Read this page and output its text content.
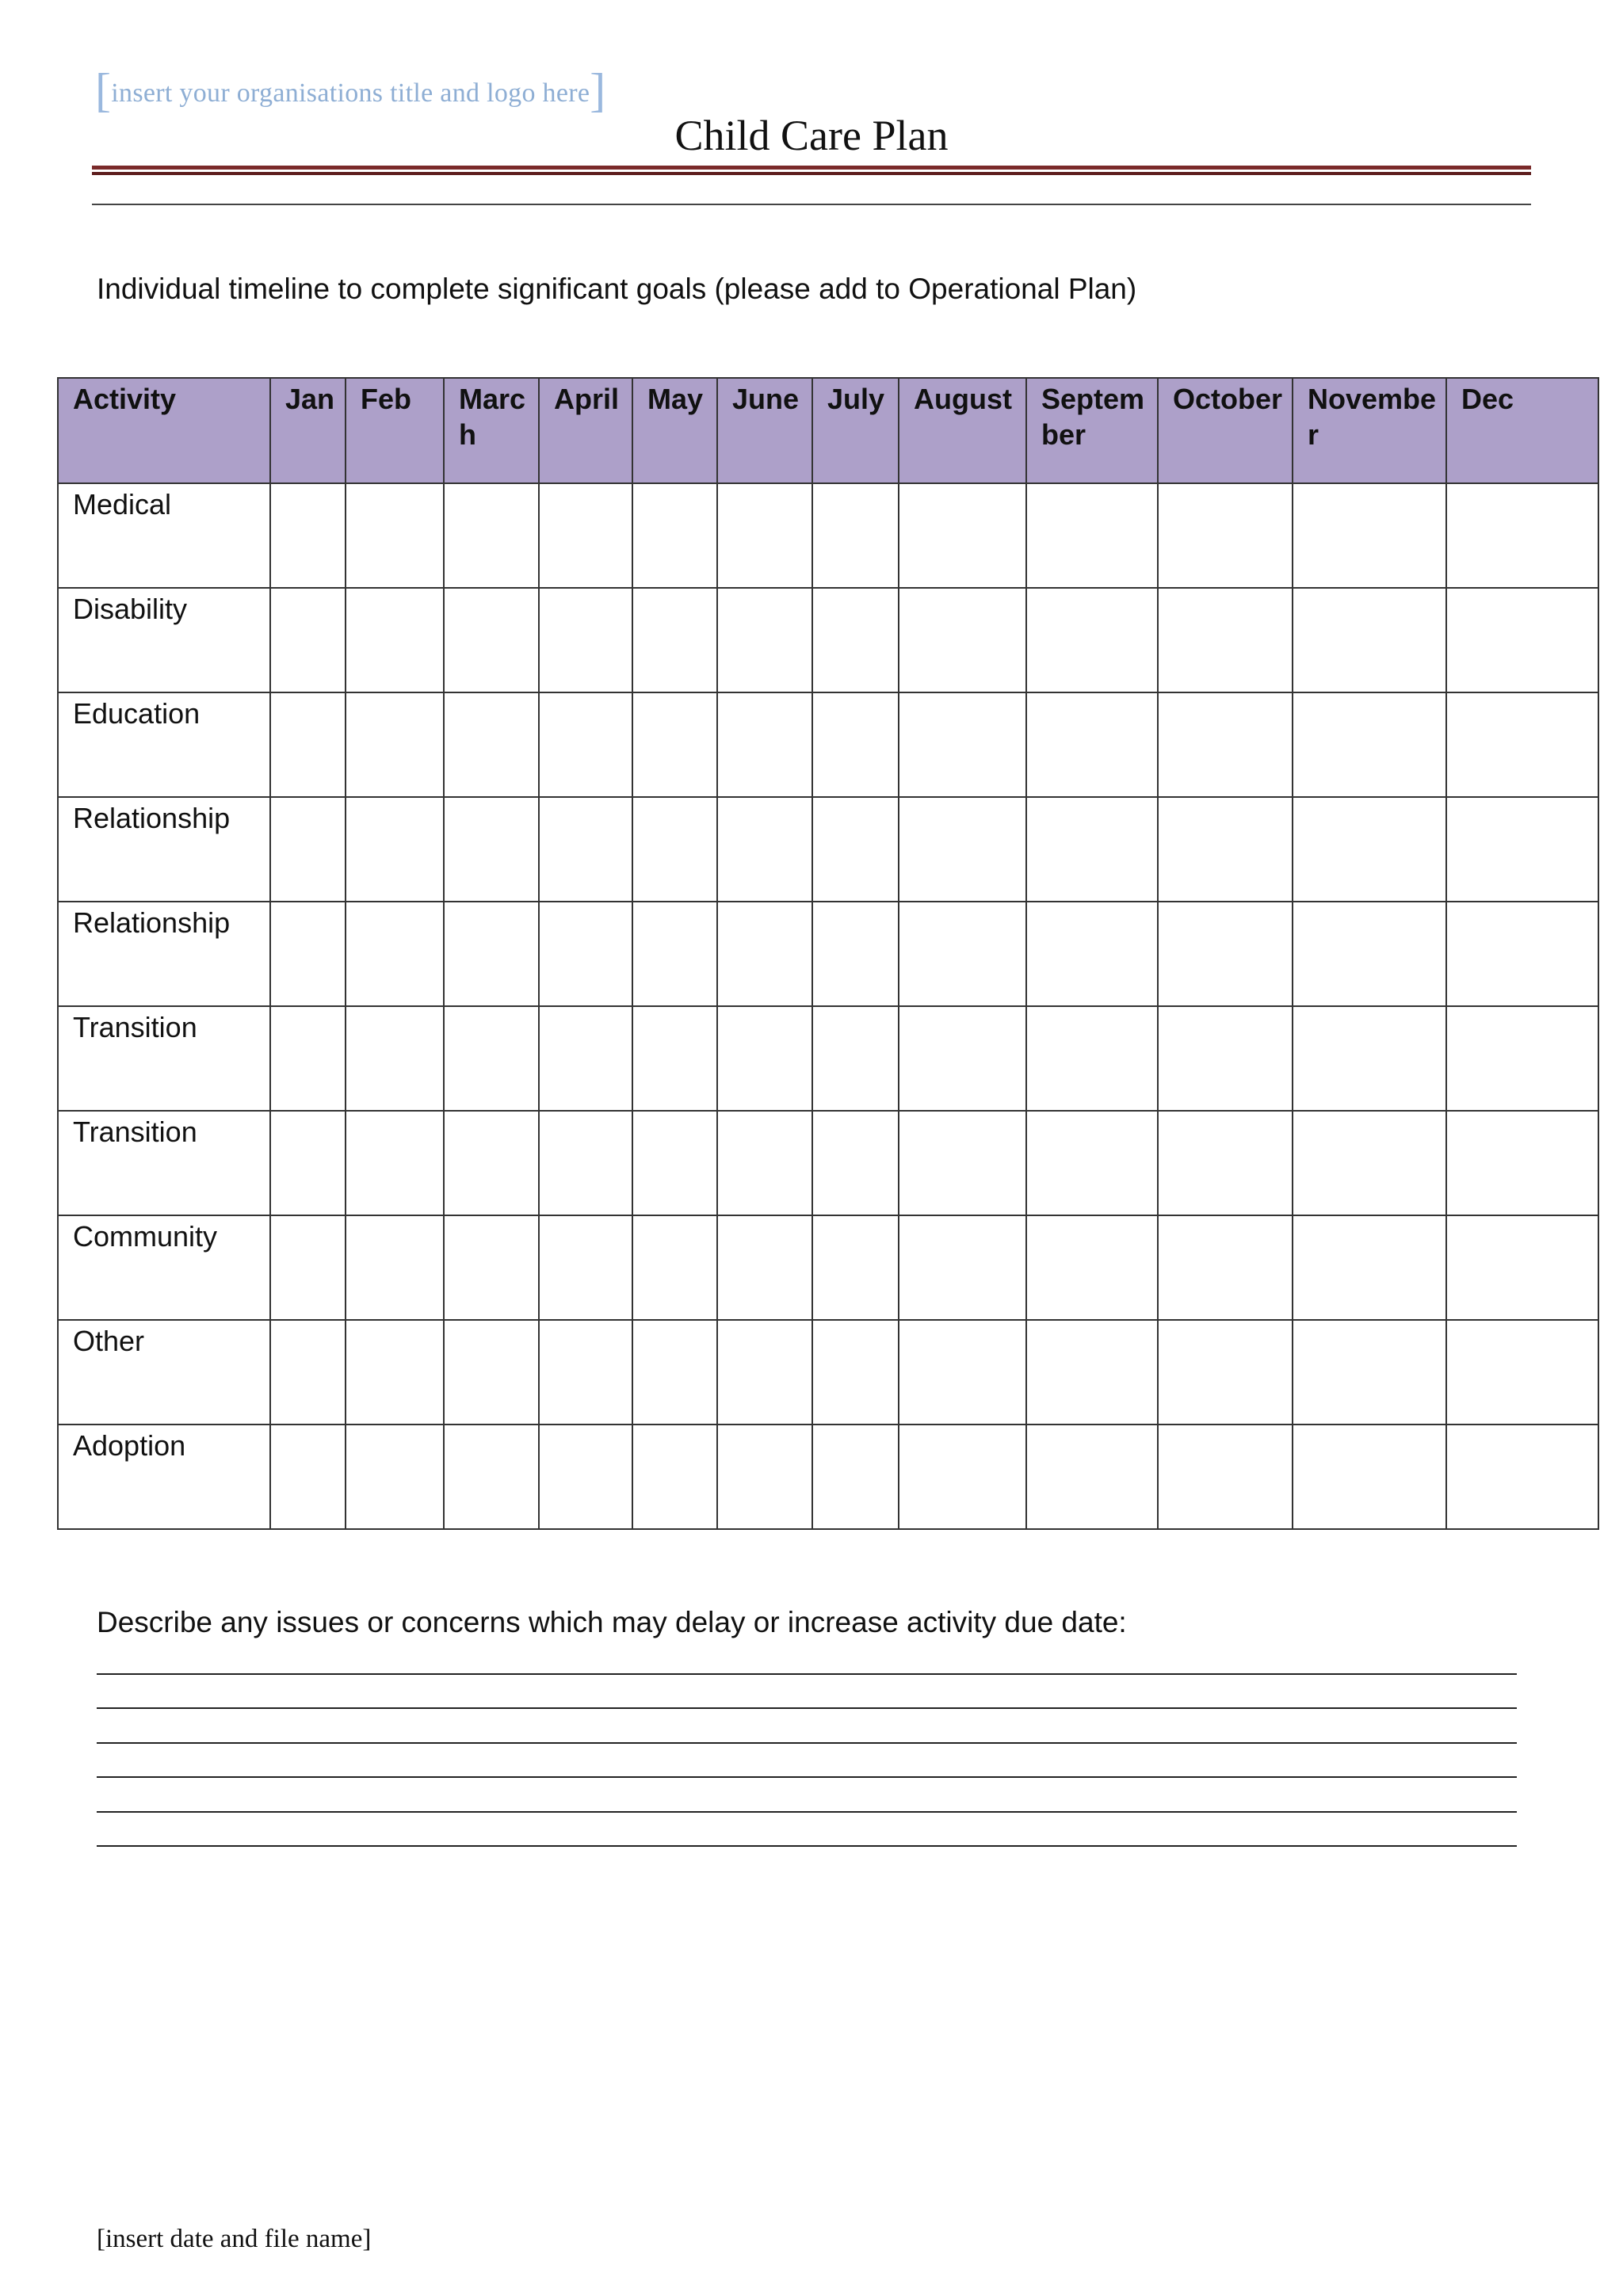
[insert your organisations title and logo here]
Child Care Plan
Individual timeline to complete significant goals (please add to Operational Plan)
Activity	Jan	Feb	March	April	May	June	July	August	September	October	November	Dec
Medical												
Disability												
Education												
Relationship												
Relationship												
Transition												
Transition												
Community												
Other												
Adoption												
Describe any issues or concerns which may delay or increase activity due date:
[insert date and file name]
